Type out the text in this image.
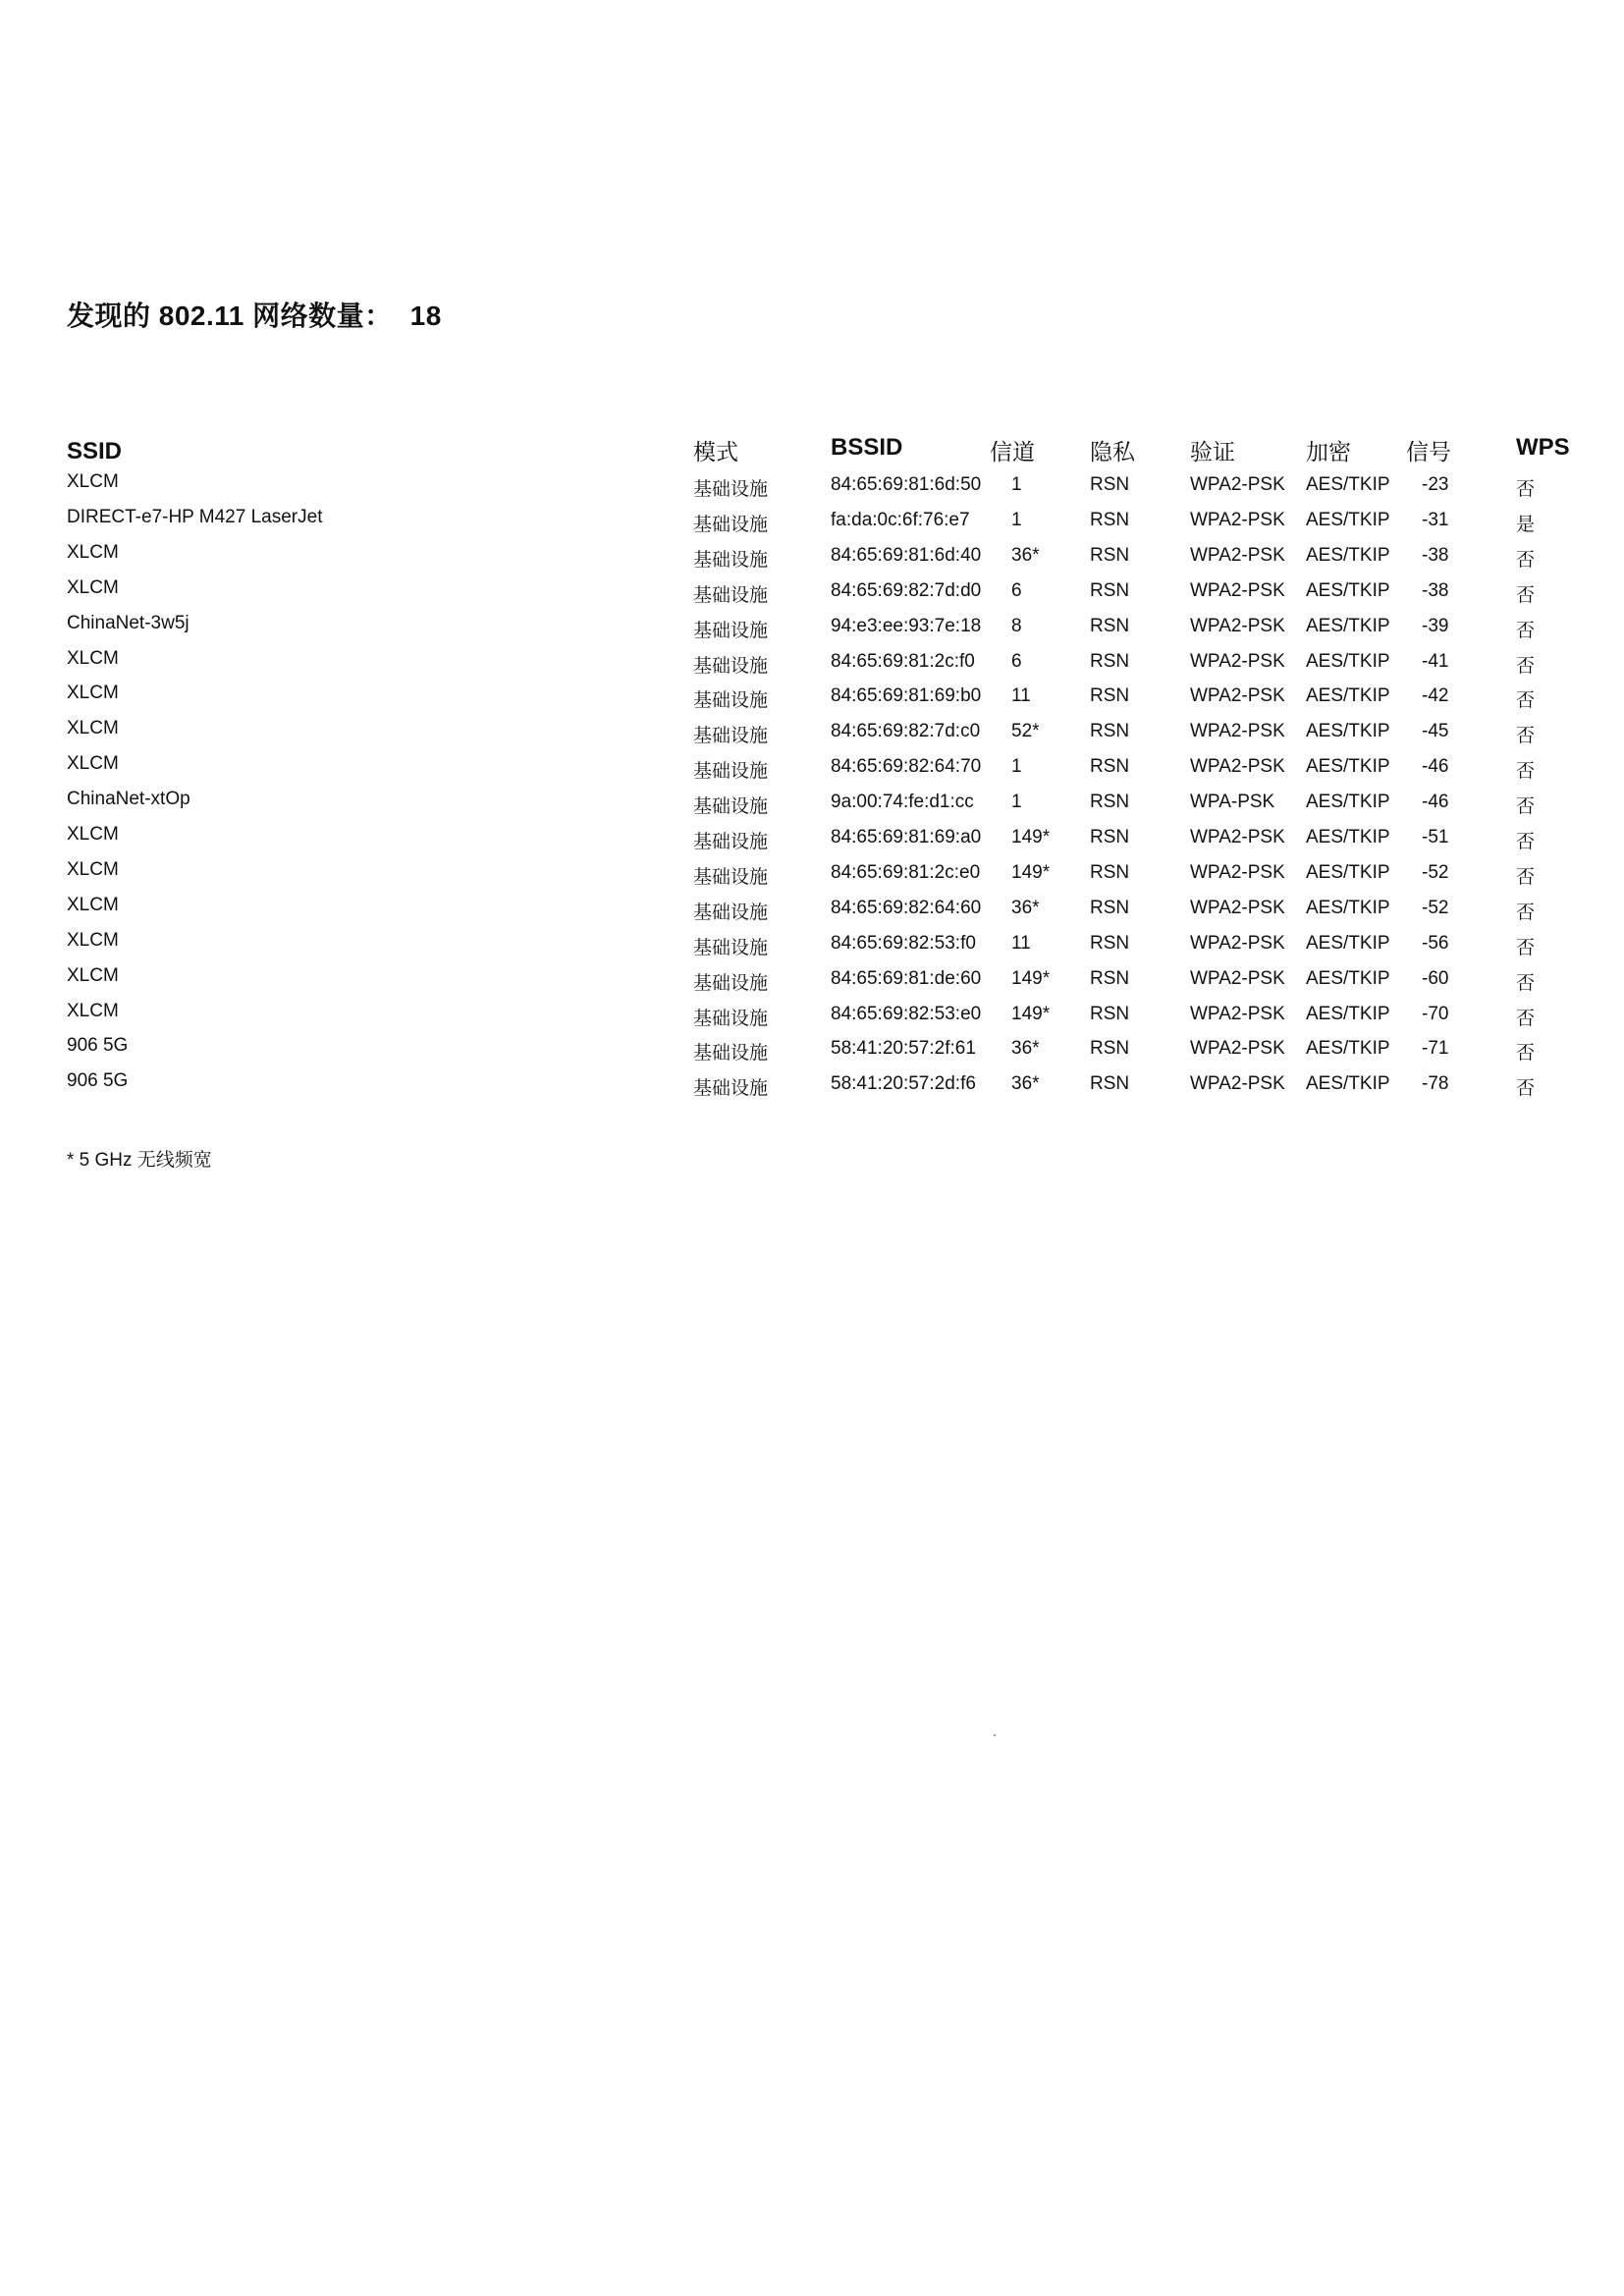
发现的 802.11 网络数量： 18
SSID	模式	BSSID	信道 隐私 验证	加密 信号	WPS
XLCM	基础设施	84:65:69:81:6d:50 1	RSN	WPA2-PSK AES/TKIP -23	否
DIRECT-e7-HP M427 LaserJet	基础设施	fa:da:0c:6f:76:e7 1	RSN	WPA2-PSK AES/TKIP -31	是
XLCM	基础设施	84:65:69:81:6d:40 36*	RSN	WPA2-PSK AES/TKIP -38	否
XLCM	基础设施	84:65:69:82:7d:d0 6	RSN	WPA2-PSK AES/TKIP -38	否
ChinaNet-3w5j	基础设施	94:e3:ee:93:7e:18 8	RSN	WPA2-PSK AES/TKIP -39	否
XLCM	基础设施	84:65:69:81:2c:f0 6	RSN	WPA2-PSK AES/TKIP -41	否
XLCM	基础设施	84:65:69:81:69:b0 11	RSN	WPA2-PSK AES/TKIP -42	否
XLCM	基础设施	84:65:69:82:7d:c0 52*	RSN	WPA2-PSK AES/TKIP -45	否
XLCM	基础设施	84:65:69:82:64:70 1	RSN	WPA2-PSK AES/TKIP -46	否
ChinaNet-xtOp	基础设施	9a:00:74:fe:d1:cc 1	RSN	WPA-PSK AES/TKIP -46	否
XLCM	基础设施	84:65:69:81:69:a0 149* RSN	WPA2-PSK AES/TKIP -51	否
XLCM	基础设施	84:65:69:81:2c:e0 149* RSN	WPA2-PSK AES/TKIP -52	否
XLCM	基础设施	84:65:69:82:64:60 36*	RSN	WPA2-PSK AES/TKIP -52	否
XLCM	基础设施	84:65:69:82:53:f0 11	RSN	WPA2-PSK AES/TKIP -56	否
XLCM	基础设施	84:65:69:81:de:60 149* RSN	WPA2-PSK AES/TKIP -60	否
XLCM	基础设施	84:65:69:82:53:e0 149* RSN	WPA2-PSK AES/TKIP -70	否
906 5G	基础设施	58:41:20:57:2f:61 36*	RSN	WPA2-PSK AES/TKIP -71	否
906 5G	基础设施	58:41:20:57:2d:f6 36*	RSN	WPA2-PSK AES/TKIP -78	否
* 5 GHz 无线频宽
